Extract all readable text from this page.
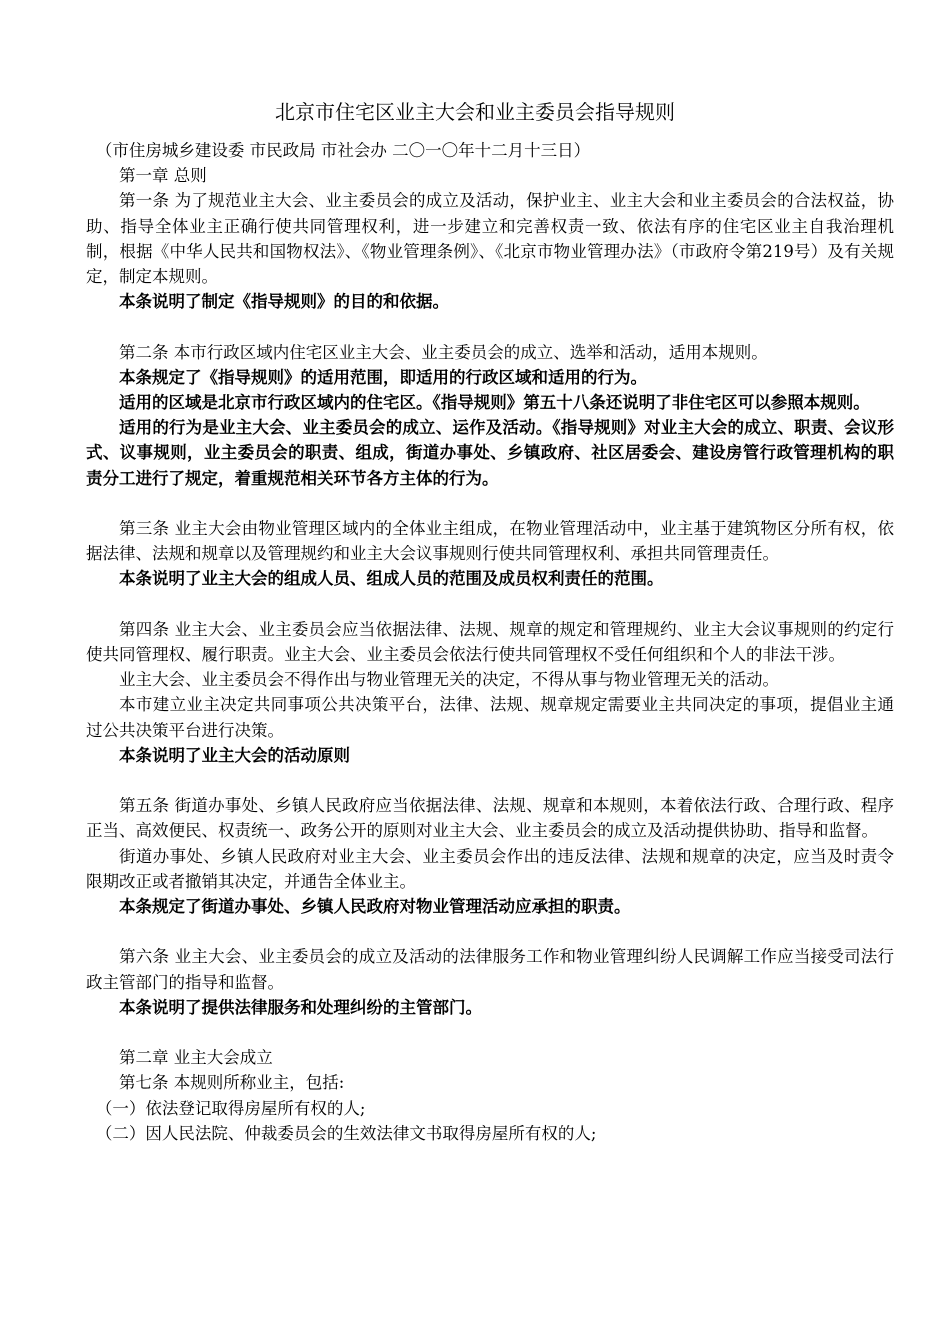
北京市住宅区业主大会和业主委员会指导规则

（市住房城乡建设委 市民政局 市社会办 二〇一〇年十二月十三日）

第一章 总则

第一条 为了规范业主大会、业主委员会的成立及活动，保护业主、业主大会和业主委员会的合法权益，协助、指导全体业主正确行使共同管理权利，进一步建立和完善权责一致、依法有序的住宅区业主自我治理机制，根据《中华人民共和国物权法》、《物业管理条例》、《北京市物业管理办法》（市政府令第219号）及有关规定，制定本规则。

本条说明了制定《指导规则》的目的和依据。

第二条 本市行政区域内住宅区业主大会、业主委员会的成立、选举和活动，适用本规则。

本条规定了《指导规则》的适用范围，即适用的行政区域和适用的行为。

适用的区域是北京市行政区域内的住宅区。《指导规则》第五十八条还说明了非住宅区可以参照本规则。

适用的行为是业主大会、业主委员会的成立、运作及活动。《指导规则》对业主大会的成立、职责、会议形式、议事规则，业主委员会的职责、组成，街道办事处、乡镇政府、社区居委会、建设房管行政管理机构的职责分工进行了规定，着重规范相关环节各方主体的行为。

第三条 业主大会由物业管理区域内的全体业主组成，在物业管理活动中，业主基于建筑物区分所有权，依据法律、法规和规章以及管理规约和业主大会议事规则行使共同管理权利、承担共同管理责任。

本条说明了业主大会的组成人员、组成人员的范围及成员权利责任的范围。

第四条 业主大会、业主委员会应当依据法律、法规、规章的规定和管理规约、业主大会议事规则的约定行使共同管理权、履行职责。业主大会、业主委员会依法行使共同管理权不受任何组织和个人的非法干涉。

业主大会、业主委员会不得作出与物业管理无关的决定，不得从事与物业管理无关的活动。

本市建立业主决定共同事项公共决策平台，法律、法规、规章规定需要业主共同决定的事项，提倡业主通过公共决策平台进行决策。

本条说明了业主大会的活动原则

第五条 街道办事处、乡镇人民政府应当依据法律、法规、规章和本规则，本着依法行政、合理行政、程序正当、高效便民、权责统一、政务公开的原则对业主大会、业主委员会的成立及活动提供协助、指导和监督。

街道办事处、乡镇人民政府对业主大会、业主委员会作出的违反法律、法规和规章的决定，应当及时责令限期改正或者撤销其决定，并通告全体业主。

本条规定了街道办事处、乡镇人民政府对物业管理活动应承担的职责。

第六条 业主大会、业主委员会的成立及活动的法律服务工作和物业管理纠纷人民调解工作应当接受司法行政主管部门的指导和监督。

本条说明了提供法律服务和处理纠纷的主管部门。

第二章 业主大会成立

第七条 本规则所称业主，包括:

（一）依法登记取得房屋所有权的人;

（二）因人民法院、仲裁委员会的生效法律文书取得房屋所有权的人;
